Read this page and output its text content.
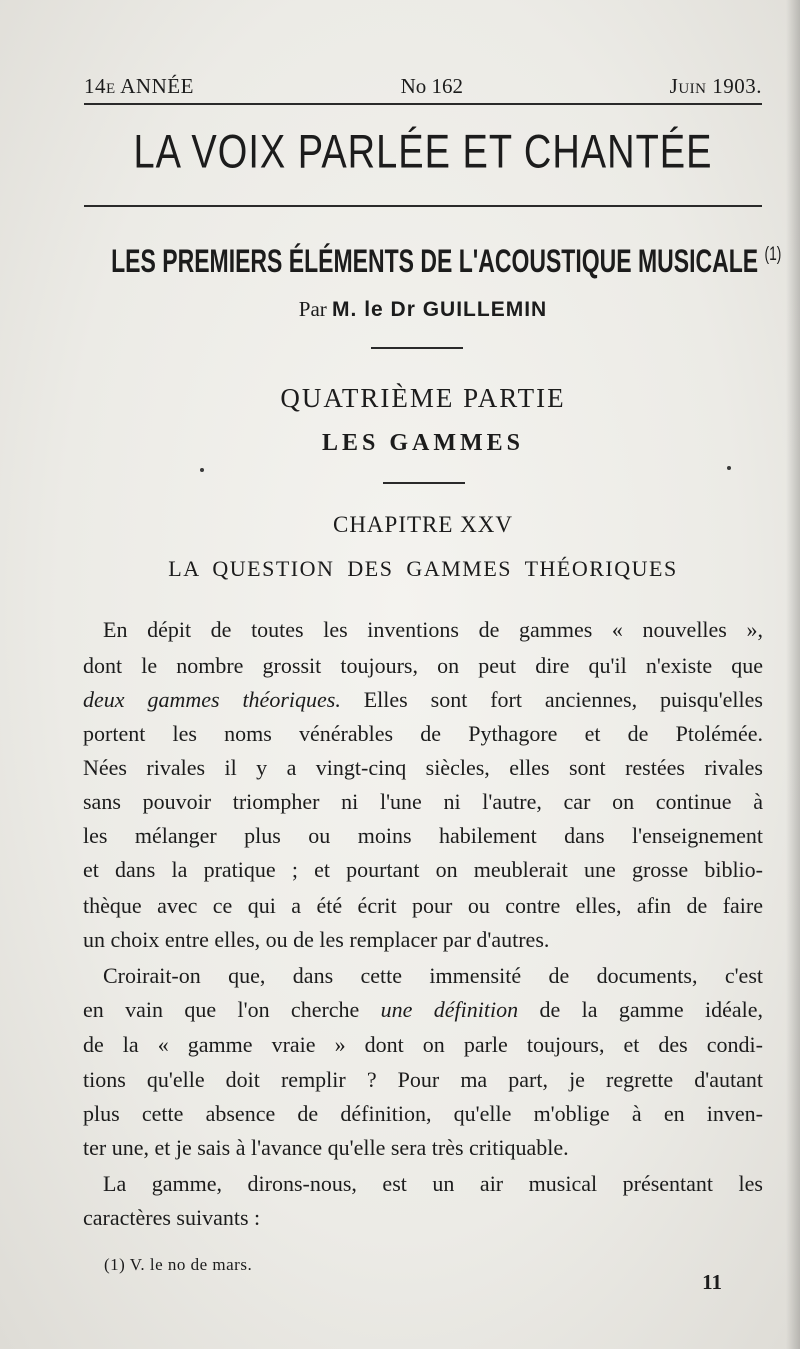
14e ANNÉE	No 162	Juin 1903.
LA VOIX PARLÉE ET CHANTÉE
LES PREMIERS ÉLÉMENTS DE L'ACOUSTIQUE MUSICALE $^{(1)}$
Par M. le Dr GUILLEMIN
QUATRIÈME PARTIE
LES GAMMES
CHAPITRE XXV
LA QUESTION DES GAMMES THÉORIQUES
En dépit de toutes les inventions de gammes « nouvelles »,
dont le nombre grossit toujours, on peut dire qu'il n'existe que
deux gammes théoriques. Elles sont fort anciennes, puisqu'elles
portent les noms vénérables de Pythagore et de Ptolémée.
Nées rivales il y a vingt-cinq siècles, elles sont restées rivales
sans pouvoir triompher ni l'une ni l'autre, car on continue à
les mélanger plus ou moins habilement dans l'enseignement
et dans la pratique ; et pourtant on meublerait une grosse biblio-
thèque avec ce qui a été écrit pour ou contre elles, afin de faire
un choix entre elles, ou de les remplacer par d'autres.
Croirait-on que, dans cette immensité de documents, c'est
en vain que l'on cherche une définition de la gamme idéale,
de la « gamme vraie » dont on parle toujours, et des condi-
tions qu'elle doit remplir ? Pour ma part, je regrette d'autant
plus cette absence de définition, qu'elle m'oblige à en inven-
ter une, et je sais à l'avance qu'elle sera très critiquable.
La gamme, dirons-nous, est un air musical présentant les
caractères suivants :
(1) V. le no de mars.
11
